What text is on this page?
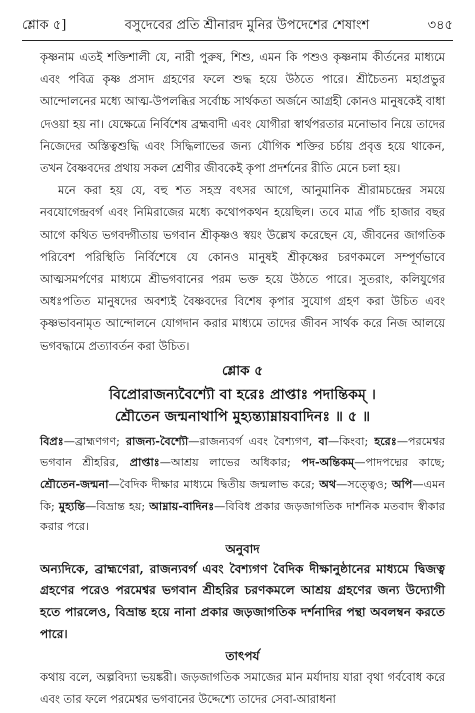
শ্লোক ৫]	বসুদেবের প্রতি শ্রীনারদ মুনির উপদেশের শেষাংশ	৩৪৫

কৃষ্ণনাম এতই শক্তিশালী যে, নারী পুরুষ, শিশু, এমন কি পশুও কৃষ্ণনাম কীর্তনের মাধ্যমে এবং পবিত্র কৃষ্ণ প্রসাদ গ্রহণের ফলে শুদ্ধ হয়ে উঠতে পারে। শ্রীচৈতন্য মহাপ্রভুর আন্দোলনের মধ্যে আত্ম-উপলব্ধির সর্বোচ্চ সার্থকতা অর্জনে আগ্রহী কোনও মানুষকেই বাধা দেওয়া হয় না। যেক্ষেত্রে নির্বিশেষ ব্রহ্মবাদী এবং যোগীরা স্বার্থপরতার মনোভাব নিয়ে তাদের নিজেদের অস্তিত্বশুদ্ধি এবং সিদ্ধিলাভের জন্য যৌগিক শক্তির চর্চায় প্রবৃত্ত হয়ে থাকেন, তখন বৈষ্ণবদের প্রথায় সকল শ্রেণীর জীবকেই কৃপা প্রদর্শনের রীতি মেনে চলা হয়।

মনে করা হয় যে, বহু শত সহস্র বৎসর আগে, আনুমানিক শ্রীরামচন্দ্রের সময়ে নবযোগেন্দ্রবর্গ এবং নিমিরাজের মধ্যে কথোপকথন হয়েছিল। তবে মাত্র পাঁচ হাজার বছর আগে কথিত ভগবদ্গীতায় ভগবান শ্রীকৃষ্ণও স্বয়ং উল্লেখ করেছেন যে, জীবনের জাগতিক পরিবেশ পরিস্থিতি নির্বিশেষে যে কোনও মানুষই শ্রীকৃষ্ণের চরণকমলে সম্পূর্ণভাবে আত্মসমর্পণের মাধ্যমে শ্রীভগবানের পরম ভক্ত হয়ে উঠতে পারে। সুতরাং, কলিযুগের অধঃপতিত মানুষদের অবশ্যই বৈষ্ণবদের বিশেষ কৃপার সুযোগ গ্রহণ করা উচিত এবং কৃষ্ণভাবনামৃত আন্দোলনে যোগদান করার মাধ্যমে তাদের জীবন সার্থক করে নিজ আলয়ে ভগবদ্ধামে প্রত্যাবর্তন করা উচিত।

শ্লোক ৫
বিপ্রোরাজন্যবৈশ্যৌ বা হরেঃ প্রাপ্তাঃ পদান্তিকম্‌ ।
শ্রৌতেন জন্মনাথাপি মুহ্যন্ত্যাম্নায়বাদিনঃ ॥ ৫ ॥

বিপ্রঃ—ব্রাহ্মণগণ; রাজন্য-বৈশ্যৌ—রাজন্যবর্গ এবং বৈশ্যগণ, বা—কিংবা; হরেঃ—পরমেশ্বর ভগবান শ্রীহরির, প্রাপ্তাঃ—আশ্রয় লাভের অধিকার; পদ-অন্তিকম্‌—পাদপদ্মের কাছে; শ্রৌতেন-জন্মনা—বৈদিক দীক্ষার মাধ্যমে দ্বিতীয় জন্মলাভ করে; অথ—সত্ত্বেও; অপি—এমন কি; মুহ্যন্তি—বিভ্রান্ত হয়; আম্নায়-বাদিনঃ—বিবিধ প্রকার জড়জাগতিক দার্শনিক মতবাদ স্বীকার করার পরে।

অনুবাদ

অন্যদিকে, ব্রাহ্মণেরা, রাজন্যবর্গ এবং বৈশ্যগণ বৈদিক দীক্ষানুষ্ঠানের মাধ্যমে দ্বিজত্ব গ্রহণের পরেও পরমেশ্বর ভগবান শ্রীহরির চরণকমলে আশ্রয় গ্রহণের জন্য উদ্যোগী হতে পারলেও, বিভ্রান্ত হয়ে নানা প্রকার জড়জাগতিক দর্শনাদির পন্থা অবলম্বন করতে পারে।

তাৎপর্য

কথায় বলে, অল্পবিদ্যা ভয়ঙ্করী। জড়জাগতিক সমাজের মান মর্যাদায় যারা বৃথা গর্ববোধ করে এবং তার ফলে পরমেশ্বর ভগবানের উদ্দেশ্যে তাদের সেবা-আরাধনা
